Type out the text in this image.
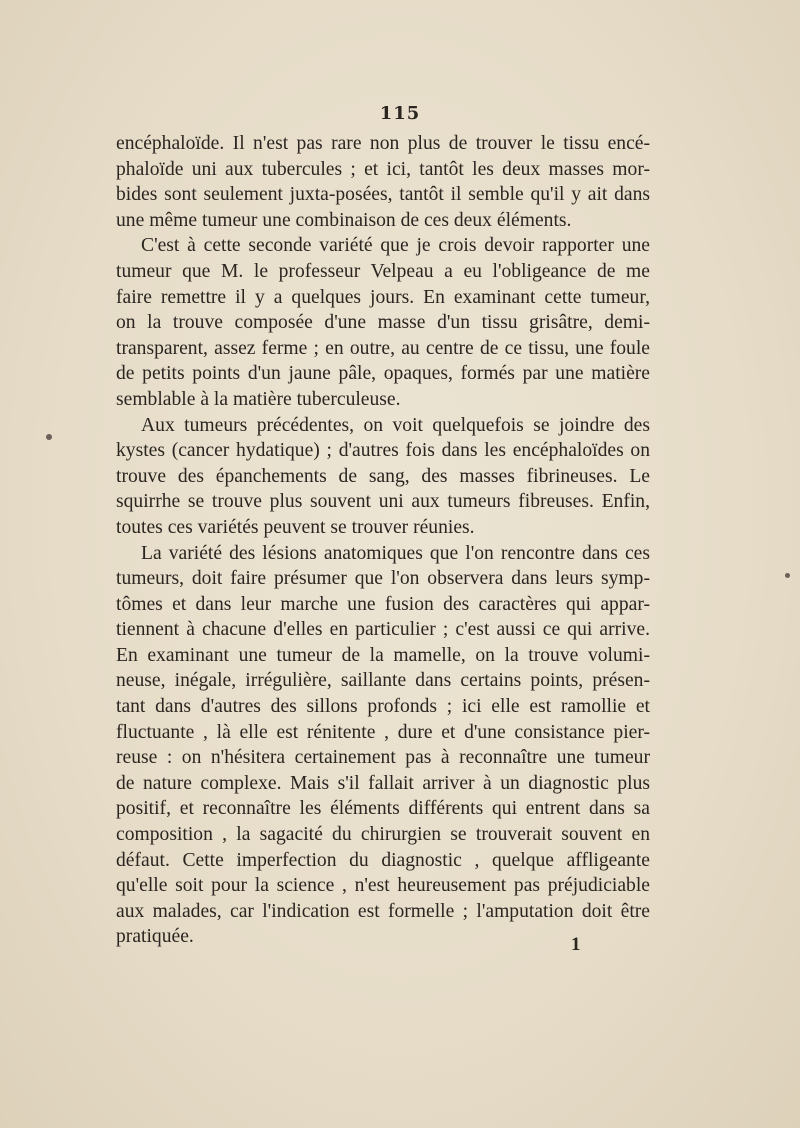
115
encéphaloïde. Il n'est pas rare non plus de trouver le tissu encé-
phaloïde uni aux tubercules ; et ici, tantôt les deux masses mor-
bides sont seulement juxta-posées, tantôt il semble qu'il y ait dans
une même tumeur une combinaison de ces deux éléments.
C'est à cette seconde variété que je crois devoir rapporter une
tumeur que M. le professeur Velpeau a eu l'obligeance de me
faire remettre il y a quelques jours. En examinant cette tumeur,
on la trouve composée d'une masse d'un tissu grisâtre, demi-
transparent, assez ferme ; en outre, au centre de ce tissu, une foule
de petits points d'un jaune pâle, opaques, formés par une matière
semblable à la matière tuberculeuse.
Aux tumeurs précédentes, on voit quelquefois se joindre des
kystes (cancer hydatique) ; d'autres fois dans les encéphaloïdes on
trouve des épanchements de sang, des masses fibrineuses. Le
squirrhe se trouve plus souvent uni aux tumeurs fibreuses. Enfin,
toutes ces variétés peuvent se trouver réunies.
La variété des lésions anatomiques que l'on rencontre dans ces
tumeurs, doit faire présumer que l'on observera dans leurs symp-
tômes et dans leur marche une fusion des caractères qui appar-
tiennent à chacune d'elles en particulier ; c'est aussi ce qui arrive.
En examinant une tumeur de la mamelle, on la trouve volumi-
neuse, inégale, irrégulière, saillante dans certains points, présen-
tant dans d'autres des sillons profonds ; ici elle est ramollie et
fluctuante , là elle est rénitente , dure et d'une consistance pier-
reuse : on n'hésitera certainement pas à reconnaître une tumeur
de nature complexe. Mais s'il fallait arriver à un diagnostic plus
positif, et reconnaître les éléments différents qui entrent dans sa
composition , la sagacité du chirurgien se trouverait souvent en
défaut. Cette imperfection du diagnostic , quelque affligeante
qu'elle soit pour la science , n'est heureusement pas préjudiciable
aux malades, car l'indication est formelle ; l'amputation doit être
pratiquée.	1
